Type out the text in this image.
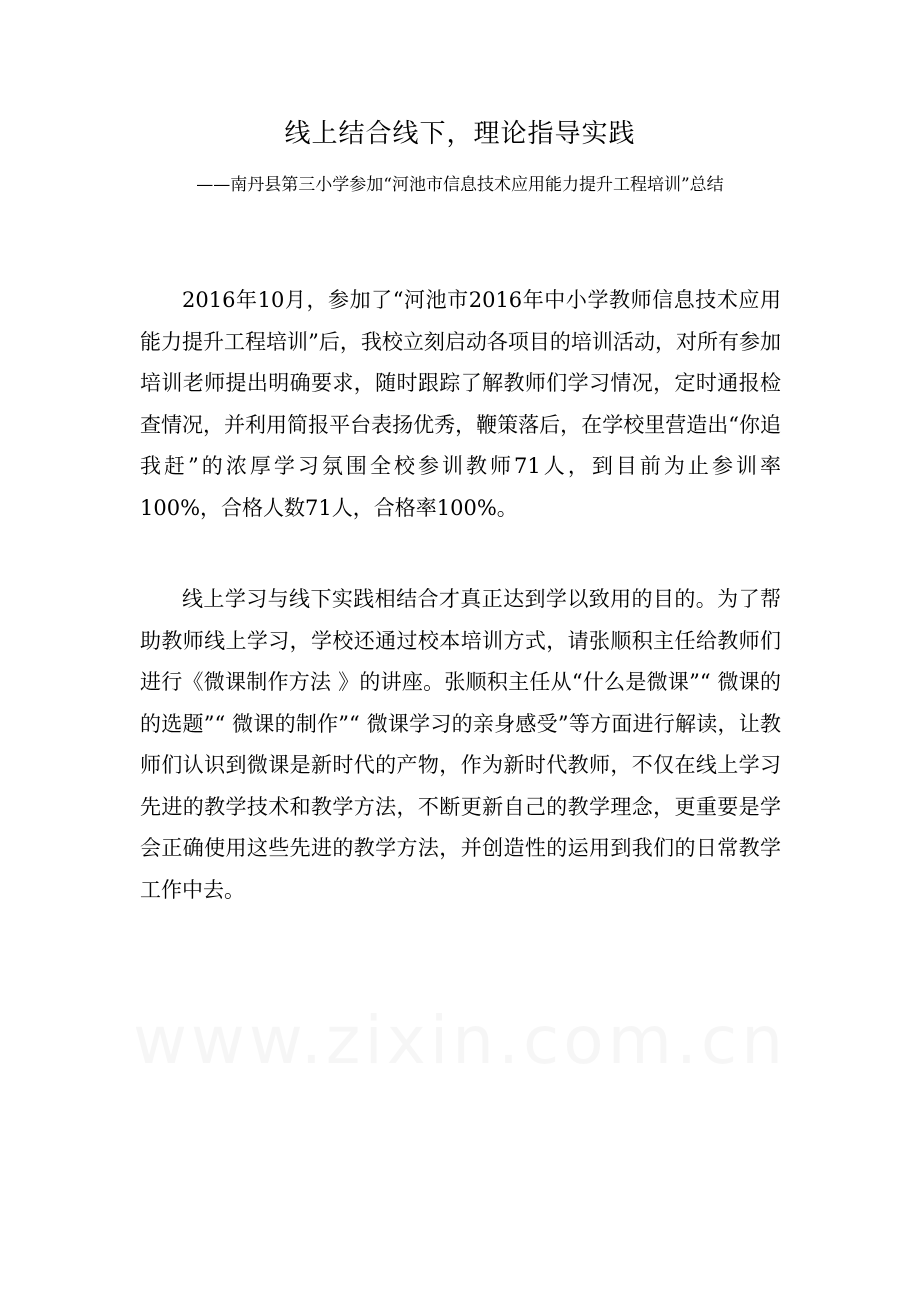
线上结合线下，理论指导实践

——南丹县第三小学参加“河池市信息技术应用能力提升工程培训”总结

2016年10月，参加了“河池市2016年中小学教师信息技术应用能力提升工程培训”后，我校立刻启动各项目的培训活动，对所有参加培训老师提出明确要求，随时跟踪了解教师们学习情况，定时通报检查情况，并利用简报平台表扬优秀，鞭策落后，在学校里营造出“你追我赶”的浓厚学习氛围全校参训教师71人，到目前为止参训率100%，合格人数71人，合格率100%。

线上学习与线下实践相结合才真正达到学以致用的目的。为了帮助教师线上学习，学校还通过校本培训方式，请张顺积主任给教师们进行《微课制作方法 》的讲座。张顺积主任从“什么是微课”“ 微课的的选题”“ 微课的制作”“ 微课学习的亲身感受”等方面进行解读，让教师们认识到微课是新时代的产物，作为新时代教师，不仅在线上学习先进的教学技术和教学方法，不断更新自己的教学理念，更重要是学会正确使用这些先进的教学方法，并创造性的运用到我们的日常教学工作中去。
